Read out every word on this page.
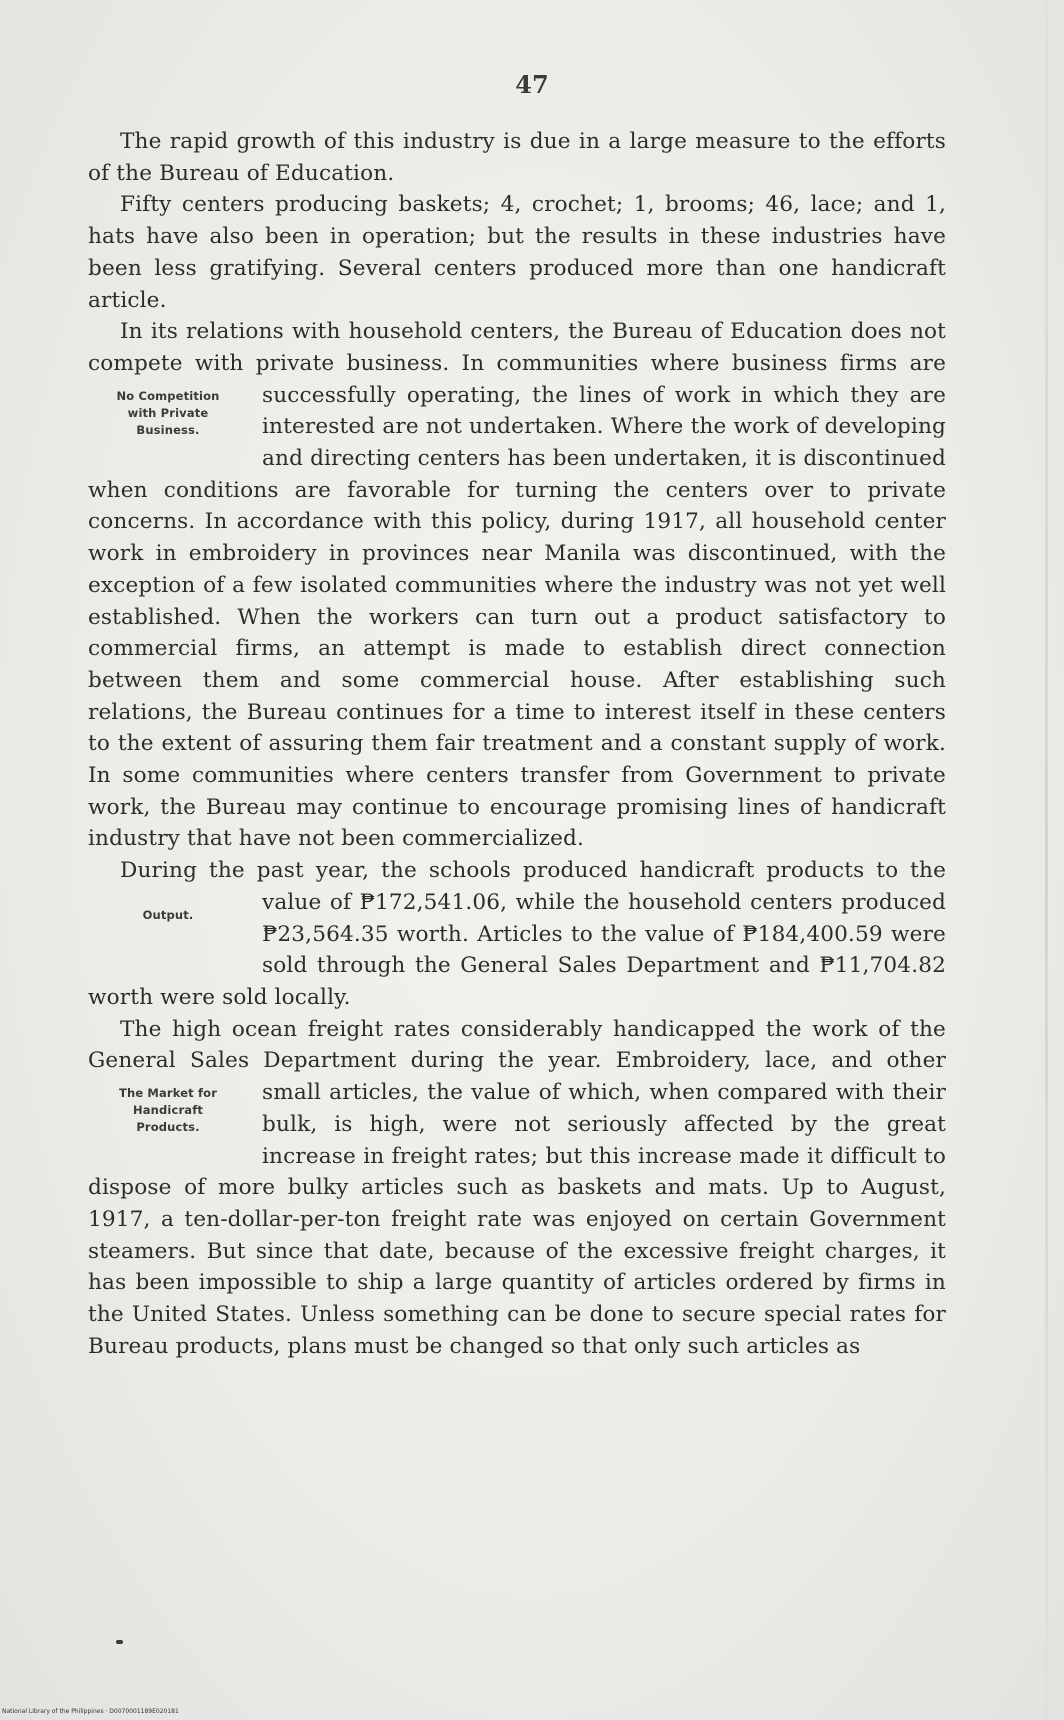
47

The rapid growth of this industry is due in a large measure to the efforts of the Bureau of Education.

Fifty centers producing baskets; 4, crochet; 1, brooms; 46, lace; and 1, hats have also been in operation; but the results in these industries have been less gratifying. Several centers produced more than one handicraft article.

In its relations with household centers, the Bureau of Education does not compete with private business. In communities where business firms are successfully operating, the lines of work
No Competition
with Private
Business.
in which they are interested are not undertaken. Where the work of developing and directing centers has been undertaken, it is discontinued when conditions are favorable for turning the centers over to private concerns. In accordance with this policy, during 1917, all household center work in embroidery in provinces near Manila was discontinued, with the exception of a few isolated communities where the industry was not yet well established. When the workers can turn out a product satisfactory to commercial firms, an attempt is made to establish direct connection between them and some commercial house. After establishing such relations, the Bureau continues for a time to interest itself in these centers to the extent of assuring them fair treatment and a constant supply of work. In some communities where centers transfer from Government to private work, the Bureau may continue to encourage promising lines of handicraft industry that have not been commercialized.

During the past year, the schools produced handicraft products to the value of ₱172,541.06, while the household cen
Output.	ters produced ₱23,564.35 worth. Articles to the value of ₱184,400.59 were sold through the General Sales Department and ₱11,704.82 worth were sold locally.

The high ocean freight rates considerably handicapped the work of the General Sales Department during the year. Embroidery, lace, and other small articles, the value of which, when
The Market for
Handicraft
Products.
compared with their bulk, is high, were not seriously affected by the great increase in freight rates; but this increase made it difficult to dispose of more bulky articles such as baskets and mats. Up to August, 1917, a ten-dollar-per-ton freight rate was enjoyed on certain Government steamers. But since that date, because of the excessive freight charges, it has been impossible to ship a large quantity of articles ordered by firms in the United States. Unless something can be done to secure special rates for Bureau products, plans must be changed so that only such articles as

National Library of the Philippines · D0070001189E020181
